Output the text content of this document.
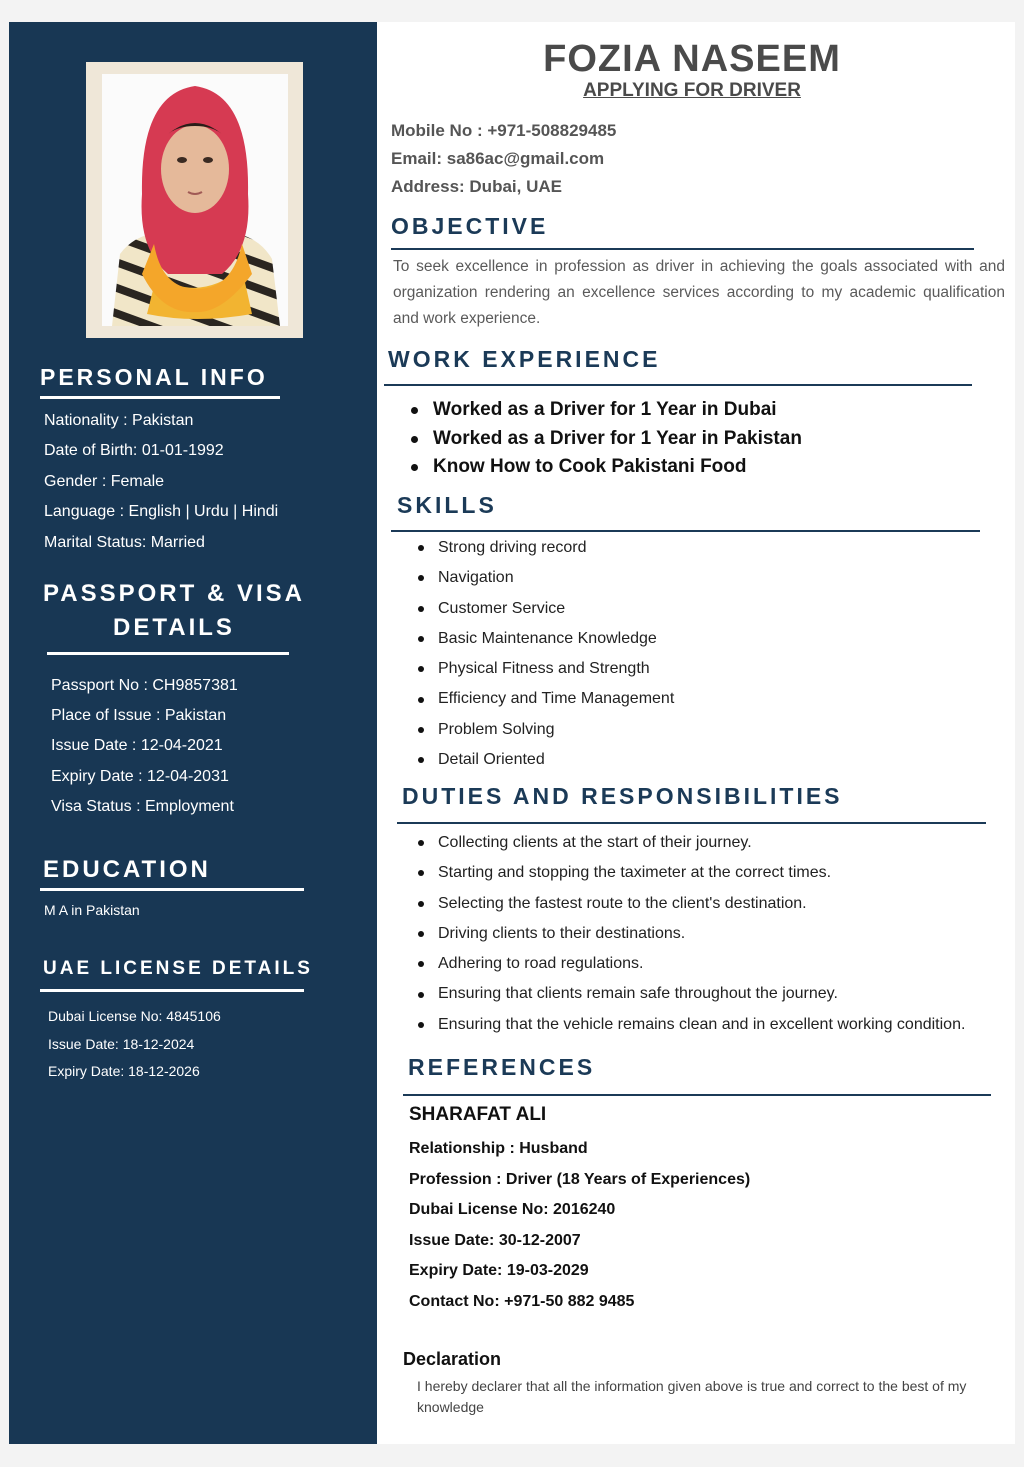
PERSONAL INFO
Nationality : Pakistan
Date of Birth: 01-01-1992
Gender : Female
Language : English | Urdu | Hindi
Marital Status: Married
PASSPORT & VISA
DETAILS
Passport No : CH9857381
Place of Issue : Pakistan
Issue Date : 12-04-2021
Expiry Date : 12-04-2031
Visa Status : Employment
EDUCATION
M A in Pakistan
UAE LICENSE DETAILS
Dubai License No: 4845106
Issue Date: 18-12-2024
Expiry Date: 18-12-2026
FOZIA NASEEM
APPLYING FOR DRIVER
Mobile No : +971-508829485
Email: sa86ac@gmail.com
Address: Dubai, UAE
OBJECTIVE
To seek excellence in profession as driver in achieving the goals associated with and organization rendering an excellence services according to my academic qualification and work experience.
WORK EXPERIENCE
Worked as a Driver for 1 Year in Dubai
Worked as a Driver for 1 Year in Pakistan
Know How to Cook Pakistani Food
SKILLS
Strong driving record
Navigation
Customer Service
Basic Maintenance Knowledge
Physical Fitness and Strength
Efficiency and Time Management
Problem Solving
Detail Oriented
DUTIES AND RESPONSIBILITIES
Collecting clients at the start of their journey.
Starting and stopping the taximeter at the correct times.
Selecting the fastest route to the client's destination.
Driving clients to their destinations.
Adhering to road regulations.
Ensuring that clients remain safe throughout the journey.
Ensuring that the vehicle remains clean and in excellent working condition.
REFERENCES
SHARAFAT ALI
Relationship : Husband
Profession : Driver (18 Years of Experiences)
Dubai License No: 2016240
Issue Date: 30-12-2007
Expiry Date: 19-03-2029
Contact No: +971-50 882 9485
Declaration
I hereby declarer that all the information given above is true and correct to the best of my knowledge
